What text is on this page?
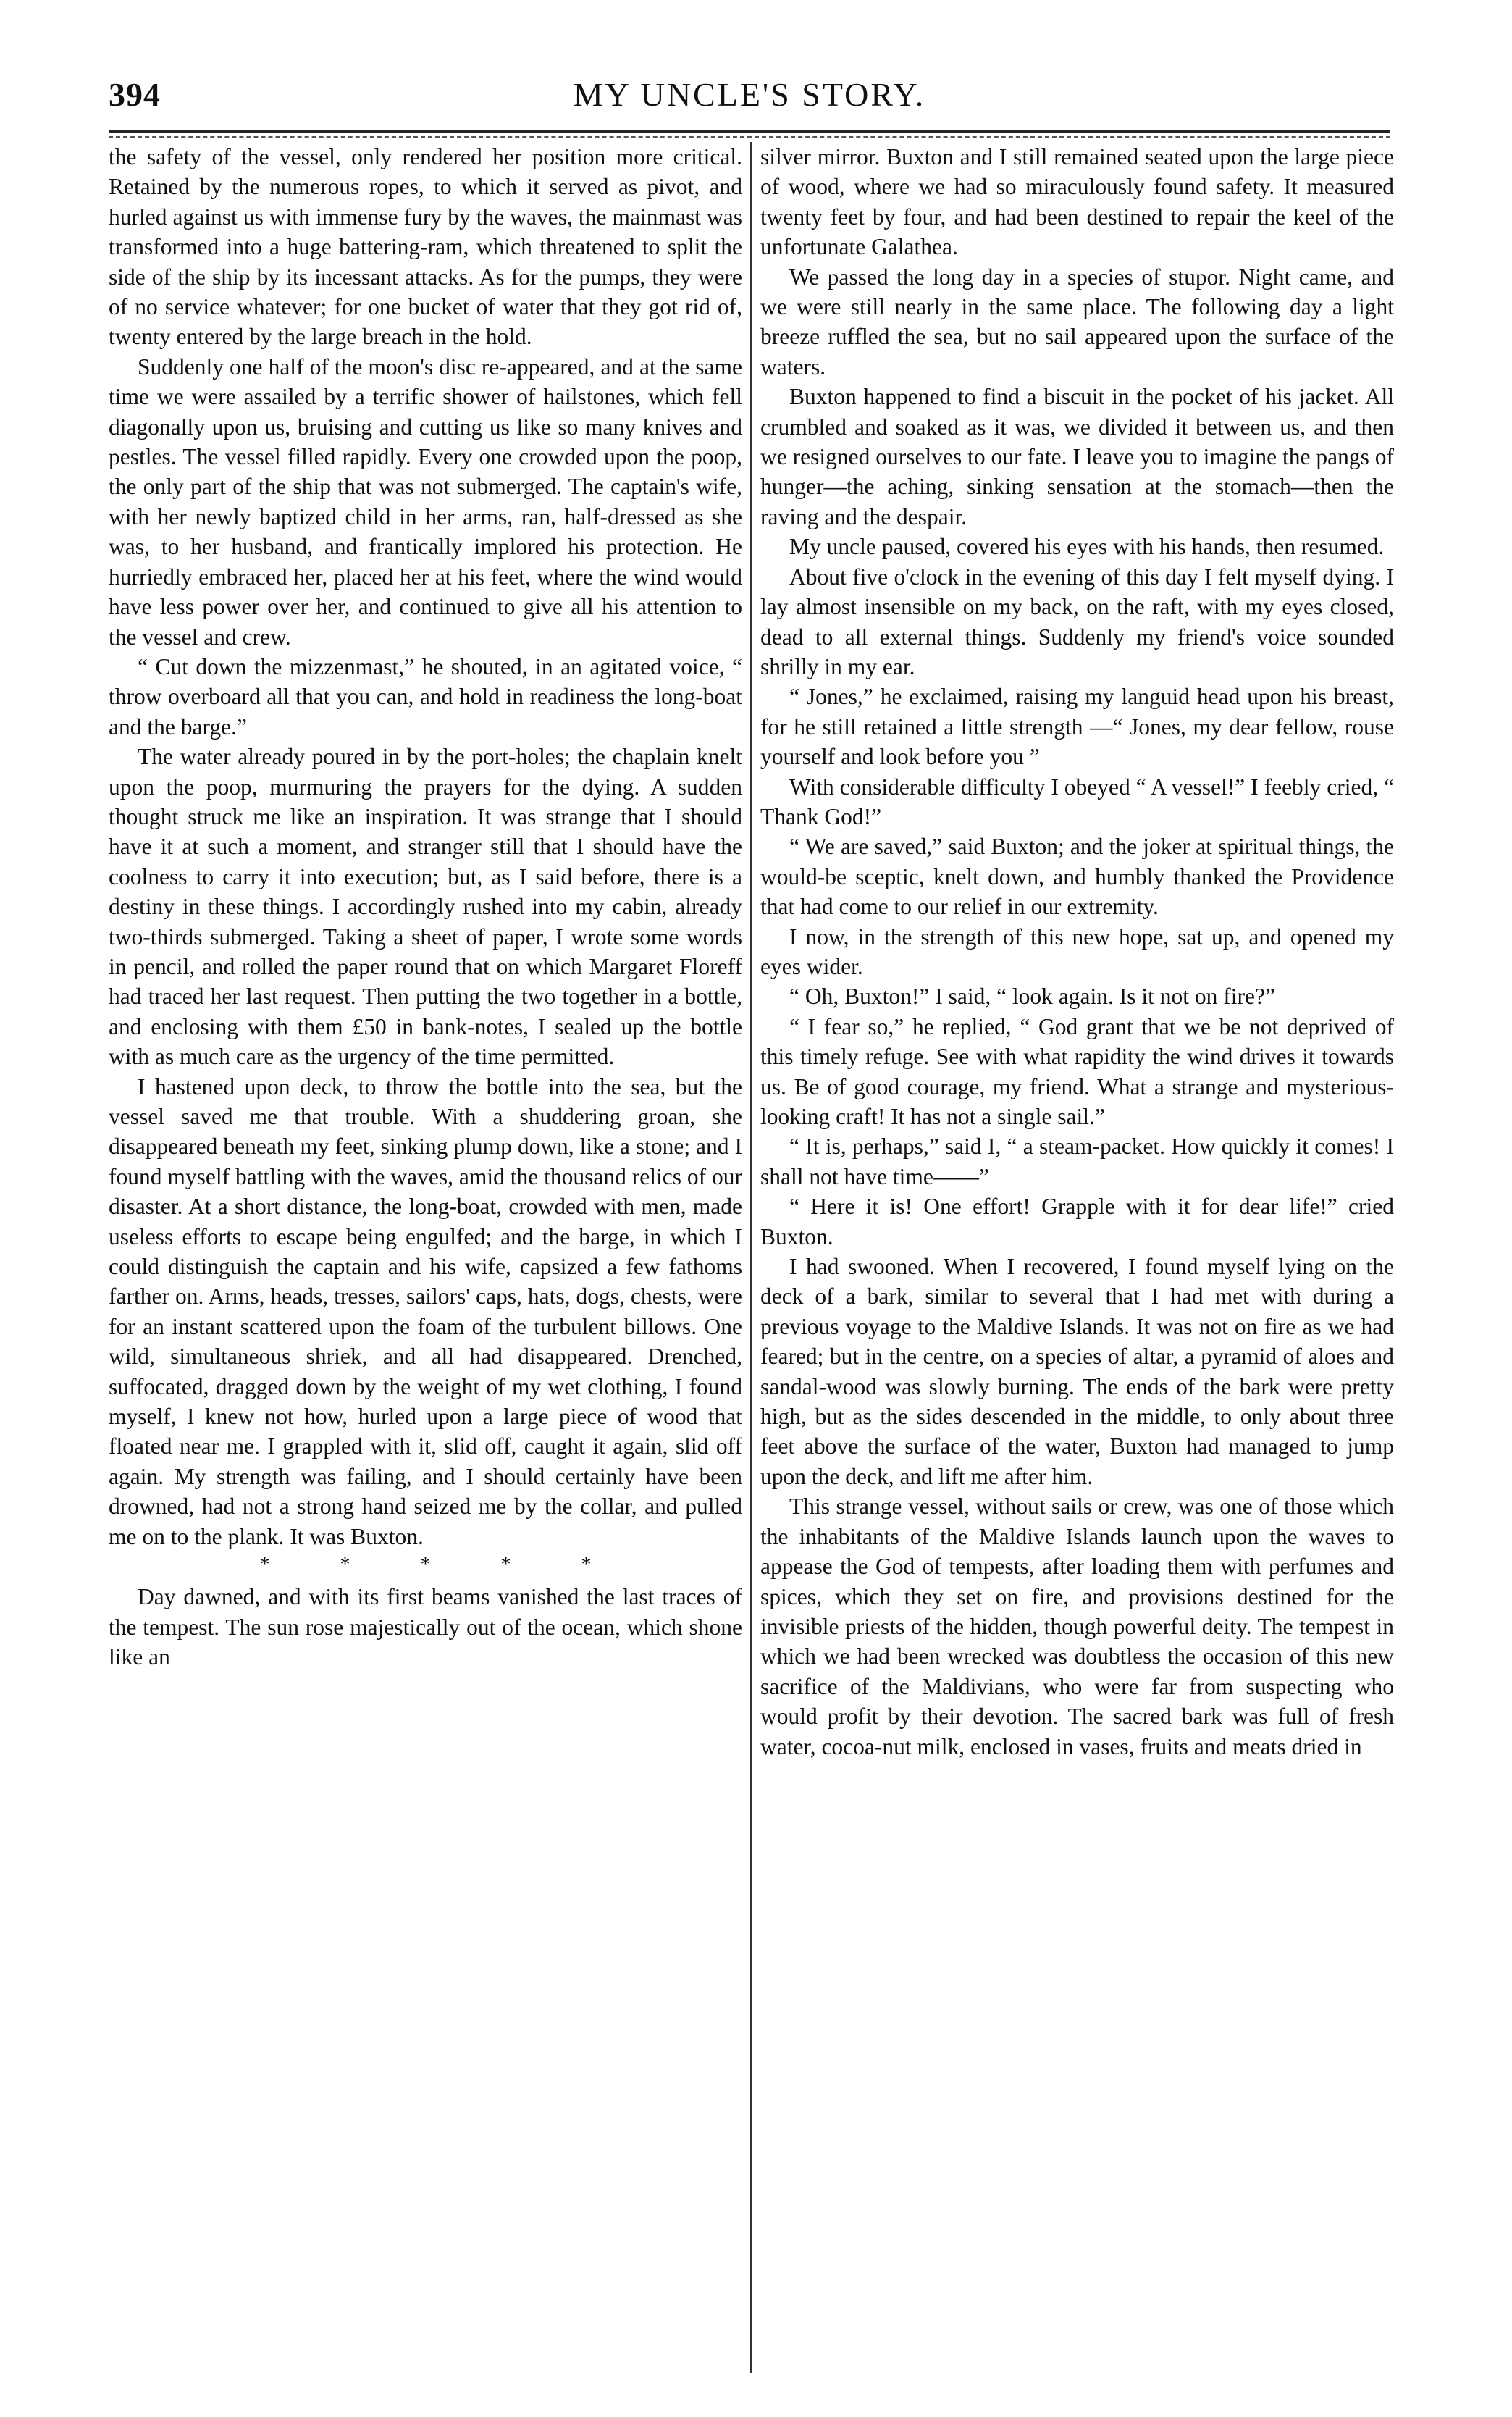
394	MY UNCLE'S STORY.

the safety of the vessel, only rendered her position more critical. Retained by the numerous ropes, to which it served as pivot, and hurled against us with immense fury by the waves, the mainmast was transformed into a huge battering-ram, which threatened to split the side of the ship by its incessant attacks. As for the pumps, they were of no service whatever; for one bucket of water that they got rid of, twenty entered by the large breach in the hold.

Suddenly one half of the moon's disc re-appeared, and at the same time we were assailed by a terrific shower of hailstones, which fell diagonally upon us, bruising and cutting us like so many knives and pestles. The vessel filled rapidly. Every one crowded upon the poop, the only part of the ship that was not submerged. The captain's wife, with her newly baptized child in her arms, ran, half-dressed as she was, to her husband, and frantically implored his protection. He hurriedly embraced her, placed her at his feet, where the wind would have less power over her, and continued to give all his attention to the vessel and crew.

“ Cut down the mizzenmast,” he shouted, in an agitated voice, “ throw overboard all that you can, and hold in readiness the long-boat and the barge.”

The water already poured in by the port-holes; the chaplain knelt upon the poop, murmuring the prayers for the dying. A sudden thought struck me like an inspiration. It was strange that I should have it at such a moment, and stranger still that I should have the coolness to carry it into execution; but, as I said before, there is a destiny in these things. I accordingly rushed into my cabin, already two-thirds submerged. Taking a sheet of paper, I wrote some words in pencil, and rolled the paper round that on which Margaret Floreff had traced her last request. Then putting the two together in a bottle, and enclosing with them £50 in bank-notes, I sealed up the bottle with as much care as the urgency of the time permitted.

I hastened upon deck, to throw the bottle into the sea, but the vessel saved me that trouble. With a shuddering groan, she disappeared beneath my feet, sinking plump down, like a stone; and I found myself battling with the waves, amid the thousand relics of our disaster. At a short distance, the long-boat, crowded with men, made useless efforts to escape being engulfed; and the barge, in which I could distinguish the captain and his wife, capsized a few fathoms farther on. Arms, heads, tresses, sailors' caps, hats, dogs, chests, were for an instant scattered upon the foam of the turbulent billows. One wild, simultaneous shriek, and all had disappeared. Drenched, suffocated, dragged down by the weight of my wet clothing, I found myself, I knew not how, hurled upon a large piece of wood that floated near me. I grappled with it, slid off, caught it again, slid off again. My strength was failing, and I should certainly have been drowned, had not a strong hand seized me by the collar, and pulled me on to the plank. It was Buxton.

* * * * *

Day dawned, and with its first beams vanished the last traces of the tempest. The sun rose majestically out of the ocean, which shone like an

silver mirror. Buxton and I still remained seated upon the large piece of wood, where we had so miraculously found safety. It measured twenty feet by four, and had been destined to repair the keel of the unfortunate Galathea.

We passed the long day in a species of stupor. Night came, and we were still nearly in the same place. The following day a light breeze ruffled the sea, but no sail appeared upon the surface of the waters.

Buxton happened to find a biscuit in the pocket of his jacket. All crumbled and soaked as it was, we divided it between us, and then we resigned ourselves to our fate. I leave you to imagine the pangs of hunger—the aching, sinking sensation at the stomach—then the raving and the despair.

My uncle paused, covered his eyes with his hands, then resumed.

About five o'clock in the evening of this day I felt myself dying. I lay almost insensible on my back, on the raft, with my eyes closed, dead to all external things. Suddenly my friend's voice sounded shrilly in my ear.

“ Jones,” he exclaimed, raising my languid head upon his breast, for he still retained a little strength —“ Jones, my dear fellow, rouse yourself and look before you ”

With considerable difficulty I obeyed “ A vessel!” I feebly cried, “ Thank God!”

“ We are saved,” said Buxton; and the joker at spiritual things, the would-be sceptic, knelt down, and humbly thanked the Providence that had come to our relief in our extremity.

I now, in the strength of this new hope, sat up, and opened my eyes wider.

“ Oh, Buxton!” I said, “ look again. Is it not on fire?”

“ I fear so,” he replied, “ God grant that we be not deprived of this timely refuge. See with what rapidity the wind drives it towards us. Be of good courage, my friend. What a strange and mysterious-looking craft! It has not a single sail.”

“ It is, perhaps,” said I, “ a steam-packet. How quickly it comes! I shall not have time——”

“ Here it is! One effort! Grapple with it for dear life!” cried Buxton.

I had swooned. When I recovered, I found myself lying on the deck of a bark, similar to several that I had met with during a previous voyage to the Maldive Islands. It was not on fire as we had feared; but in the centre, on a species of altar, a pyramid of aloes and sandal-wood was slowly burning. The ends of the bark were pretty high, but as the sides descended in the middle, to only about three feet above the surface of the water, Buxton had managed to jump upon the deck, and lift me after him.

This strange vessel, without sails or crew, was one of those which the inhabitants of the Maldive Islands launch upon the waves to appease the God of tempests, after loading them with perfumes and spices, which they set on fire, and provisions destined for the invisible priests of the hidden, though powerful deity. The tempest in which we had been wrecked was doubtless the occasion of this new sacrifice of the Maldivians, who were far from suspecting who would profit by their devotion. The sacred bark was full of fresh water, cocoa-nut milk, enclosed in vases, fruits and meats dried in
